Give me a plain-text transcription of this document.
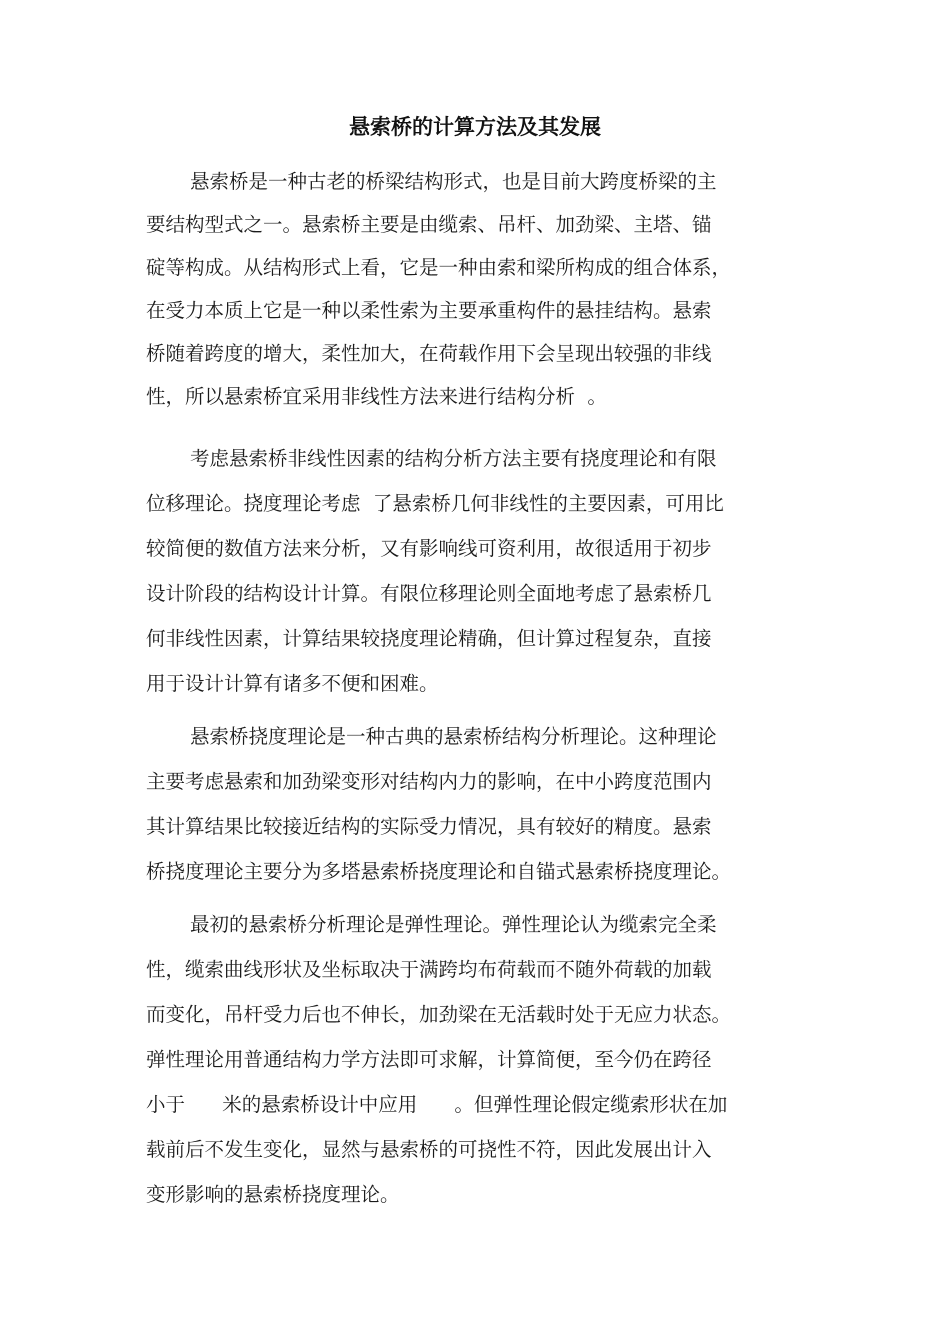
悬索桥的计算方法及其发展
悬索桥是一种古老的桥梁结构形式，也是目前大跨度桥梁的主
要结构型式之一。悬索桥主要是由缆索、吊杆、加劲梁、主塔、锚
碇等构成。从结构形式上看，它是一种由索和梁所构成的组合体系，
在受力本质上它是一种以柔性索为主要承重构件的悬挂结构。悬索
桥随着跨度的增大，柔性加大，在荷载作用下会呈现出较强的非线
性，所以悬索桥宜采用非线性方法来进行结构分析  。
考虑悬索桥非线性因素的结构分析方法主要有挠度理论和有限
位移理论。挠度理论考虑  了悬索桥几何非线性的主要因素，可用比
较简便的数值方法来分析，又有影响线可资利用，故很适用于初步
设计阶段的结构设计计算。有限位移理论则全面地考虑了悬索桥几
何非线性因素，计算结果较挠度理论精确，但计算过程复杂，直接
用于设计计算有诸多不便和困难。
悬索桥挠度理论是一种古典的悬索桥结构分析理论。这种理论
主要考虑悬索和加劲梁变形对结构内力的影响，在中小跨度范围内
其计算结果比较接近结构的实际受力情况，具有较好的精度。悬索
桥挠度理论主要分为多塔悬索桥挠度理论和自锚式悬索桥挠度理论。
最初的悬索桥分析理论是弹性理论。弹性理论认为缆索完全柔
性，缆索曲线形状及坐标取决于满跨均布荷载而不随外荷载的加载
而变化，吊杆受力后也不伸长，加劲梁在无活载时处于无应力状态。
弹性理论用普通结构力学方法即可求解，计算简便，至今仍在跨径
小于      米的悬索桥设计中应用      。但弹性理论假定缆索形状在加
载前后不发生变化，显然与悬索桥的可挠性不符，因此发展出计入
变形影响的悬索桥挠度理论。
